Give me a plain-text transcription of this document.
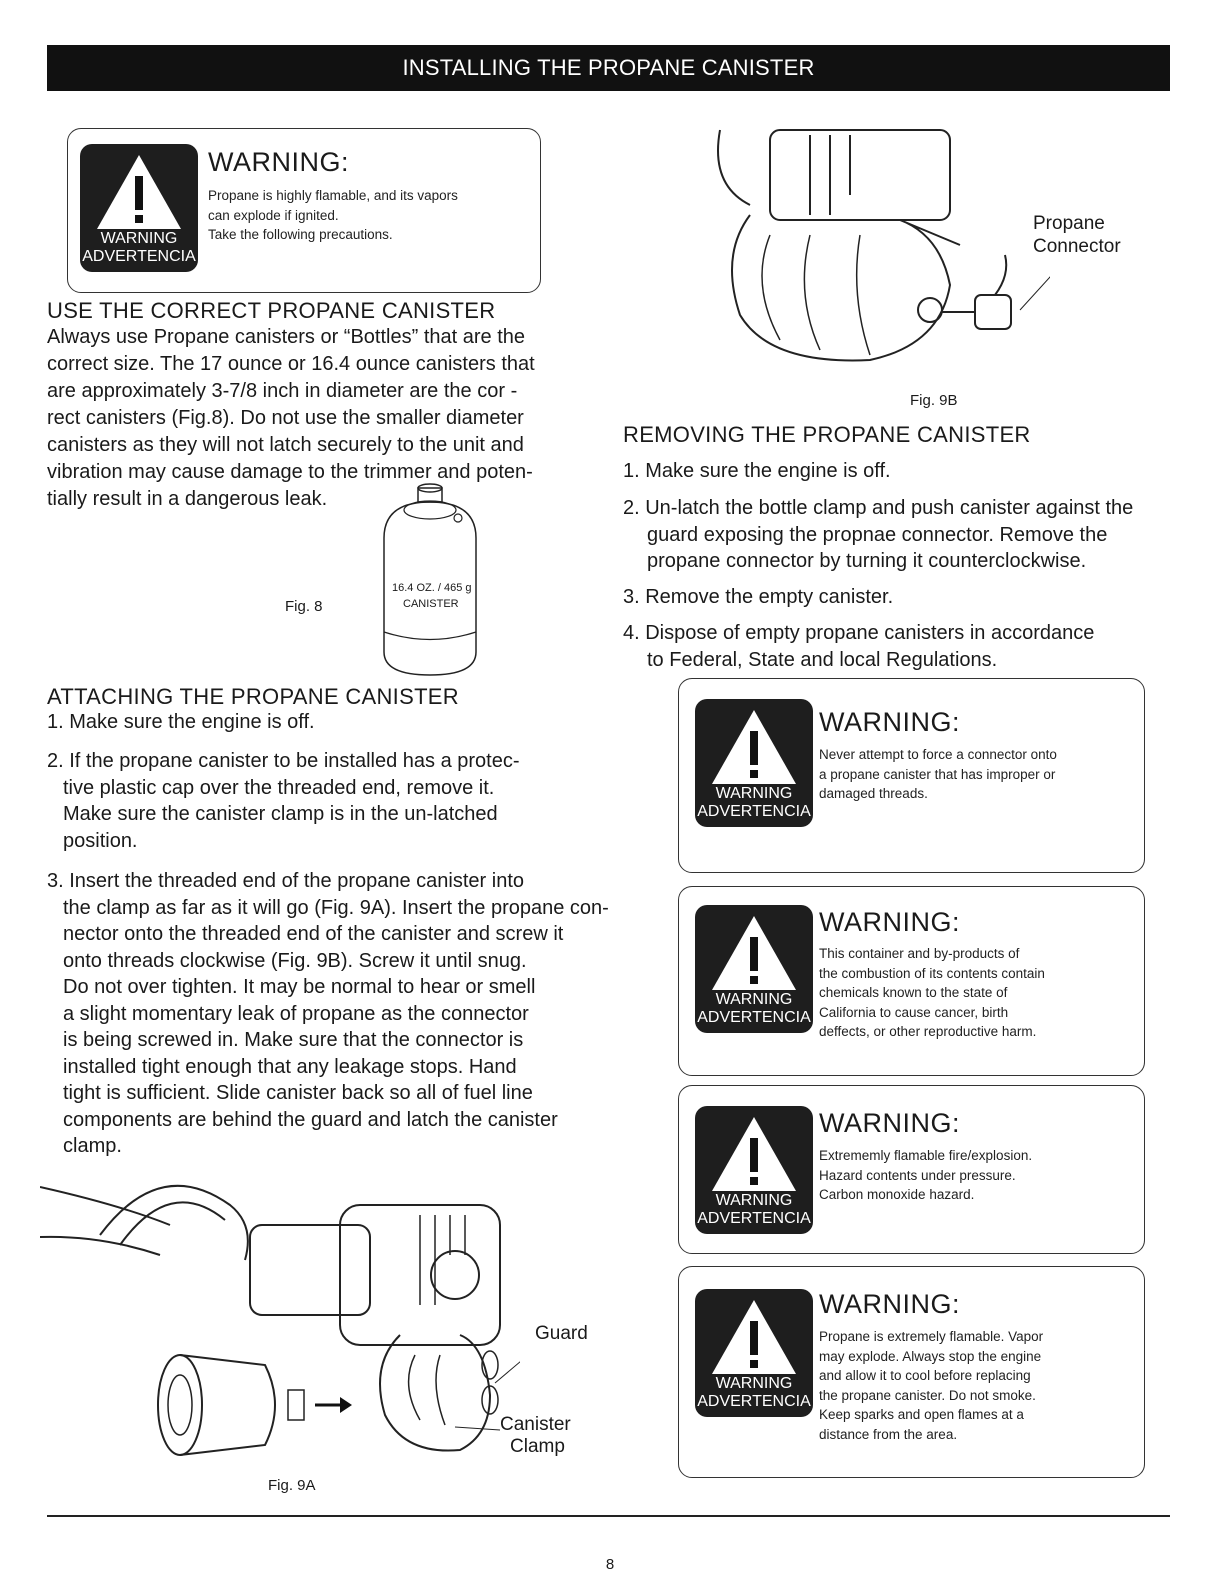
INSTALLING THE PROPANE CANISTER
WARNING
ADVERTENCIA
WARNING:
Propane is highly flamable, and its vapors
can explode if ignited.
Take the following precautions.
USE THE CORRECT PROPANE CANISTER
Always use Propane canisters or “Bottles” that are the
correct size. The 17 ounce or 16.4 ounce canisters that
are approximately 3-7/8 inch in diameter are the cor -
rect canisters (Fig.8). Do not use the smaller diameter
canisters as they will not latch securely to the unit and
vibration may cause damage to the trimmer and poten-
tially result in a dangerous leak.
16.4 OZ. / 465 g
CANISTER
Fig. 8
ATTACHING THE PROPANE CANISTER
1. Make sure the engine is off.
2. If the propane canister to be installed has a protec-
tive plastic cap over the threaded end, remove it.
Make sure the canister clamp is in the un-latched
position.
3. Insert the threaded end of the propane canister into
the clamp as far as it will go (Fig. 9A). Insert the propane con-
nector onto the threaded end of the canister and screw it
onto threads clockwise (Fig. 9B). Screw it until snug.
Do not over tighten. It may be normal to hear or smell
a slight momentary leak of propane as the connector
is being screwed in. Make sure that the connector is
installed tight enough that any leakage stops. Hand
tight is sufficient. Slide canister back so all of fuel line
components are behind the guard and latch the canister
clamp.
Guard
Canister
Clamp
Fig. 9A
Propane
Connector
Fig. 9B
REMOVING THE PROPANE CANISTER
1. Make sure the engine is off.
2. Un-latch the bottle clamp and push canister against the
guard exposing the propnae connector. Remove the
propane connector by turning it counterclockwise.
3. Remove the empty canister.
4. Dispose of empty propane canisters in accordance
to Federal, State and local Regulations.
WARNING
ADVERTENCIA
WARNING:
Never attempt to force a connector onto
a propane canister that has improper or
damaged threads.
WARNING
ADVERTENCIA
WARNING:
This container and by-products of
the combustion of its contents contain
chemicals known to the state of
California to cause cancer, birth
deffects, or other reproductive harm.
WARNING
ADVERTENCIA
WARNING:
Extrememly flamable fire/explosion.
Hazard contents under pressure.
Carbon monoxide hazard.
WARNING
ADVERTENCIA
WARNING:
Propane is extremely flamable. Vapor
may explode. Always stop the engine
and allow it to cool before replacing
the propane canister. Do not smoke.
Keep sparks and open flames at a
distance from the area.
8
